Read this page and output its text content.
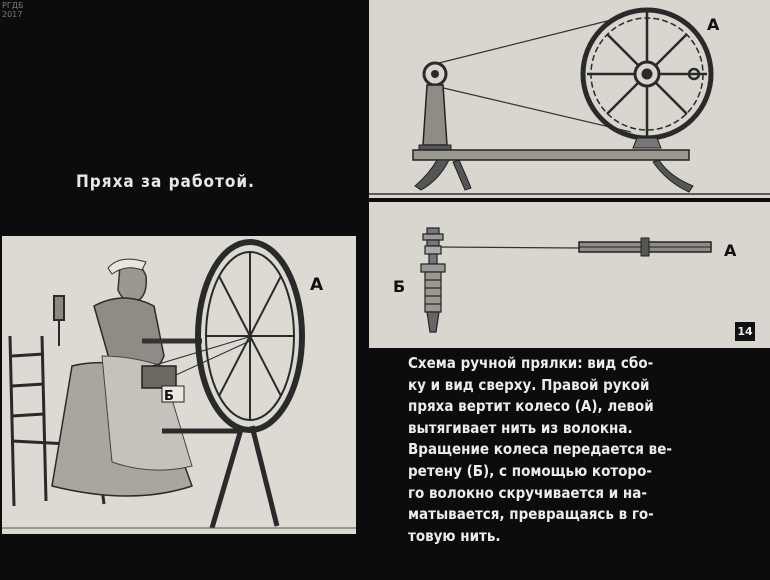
РГДБ
2017
Пряха за работой.
Б
А
А
Б
А
14
Схема ручной прялки: вид сбо-
ку и вид сверху. Правой рукой
пряха вертит колесо (А), левой
вытягивает нить из волокна.
Вращение колеса передается ве-
ретену (Б), с помощью которо-
го волокно скручивается и на-
матывается, превращаясь в го-
товую нить.
